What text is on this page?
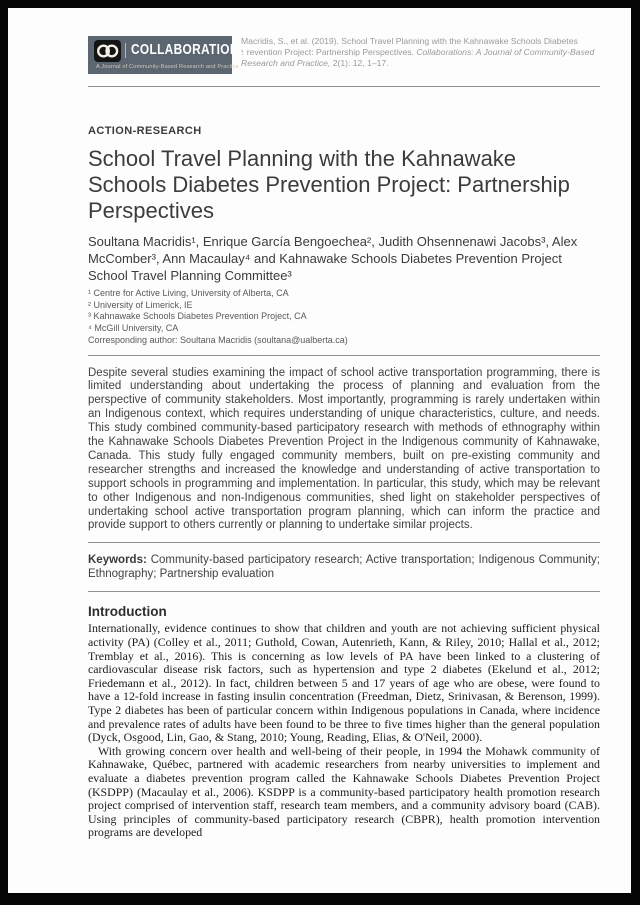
COLLABORATIONS
A Journal of Community-Based Research and Practice
Macridis, S., et al. (2019). School Travel Planning with the Kahnawake Schools Diabetes Prevention Project: Partnership Perspectives. Collaborations: A Journal of Community-Based Research and Practice, 2(1): 12, 1–17.
ACTION-RESEARCH
School Travel Planning with the Kahnawake Schools Diabetes Prevention Project: Partnership Perspectives

Soultana Macridis¹, Enrique García Bengoechea², Judith Ohsennenawi Jacobs³, Alex McComber³, Ann Macaulay⁴ and Kahnawake Schools Diabetes Prevention Project School Travel Planning Committee³

¹ Centre for Active Living, University of Alberta, CA
² University of Limerick, IE
³ Kahnawake Schools Diabetes Prevention Project, CA
⁴ McGill University, CA
Corresponding author: Soultana Macridis (soultana@ualberta.ca)

Despite several studies examining the impact of school active transportation programming, there is limited understanding about undertaking the process of planning and evaluation from the perspective of community stakeholders. Most importantly, programming is rarely undertaken within an Indigenous context, which requires understanding of unique characteristics, culture, and needs. This study combined community-based participatory research with methods of ethnography within the Kahnawake Schools Diabetes Prevention Project in the Indigenous community of Kahnawake, Canada. This study fully engaged community members, built on pre-existing community and researcher strengths and increased the knowledge and understanding of active transportation to support schools in programming and implementation. In particular, this study, which may be relevant to other Indigenous and non-Indigenous communities, shed light on stakeholder perspectives of undertaking school active transportation program planning, which can inform the practice and provide support to others currently or planning to undertake similar projects.

Keywords: Community-based participatory research; Active transportation; Indigenous Community; Ethnography; Partnership evaluation

Introduction

Internationally, evidence continues to show that children and youth are not achieving sufficient physical activity (PA) (Colley et al., 2011; Guthold, Cowan, Autenrieth, Kann, & Riley, 2010; Hallal et al., 2012; Tremblay et al., 2016). This is concerning as low levels of PA have been linked to a clustering of cardiovascular disease risk factors, such as hypertension and type 2 diabetes (Ekelund et al., 2012; Friedemann et al., 2012). In fact, children between 5 and 17 years of age who are obese, were found to have a 12-fold increase in fasting insulin concentration (Freedman, Dietz, Srinivasan, & Berenson, 1999). Type 2 diabetes has been of particular concern within Indigenous populations in Canada, where incidence and prevalence rates of adults have been found to be three to five times higher than the general population (Dyck, Osgood, Lin, Gao, & Stang, 2010; Young, Reading, Elias, & O'Neil, 2000).

With growing concern over health and well-being of their people, in 1994 the Mohawk community of Kahnawake, Québec, partnered with academic researchers from nearby universities to implement and evaluate a diabetes prevention program called the Kahnawake Schools Diabetes Prevention Project (KSDPP) (Macaulay et al., 2006). KSDPP is a community-based participatory health promotion research project comprised of intervention staff, research team members, and a community advisory board (CAB). Using principles of community-based participatory research (CBPR), health promotion intervention programs are developed
